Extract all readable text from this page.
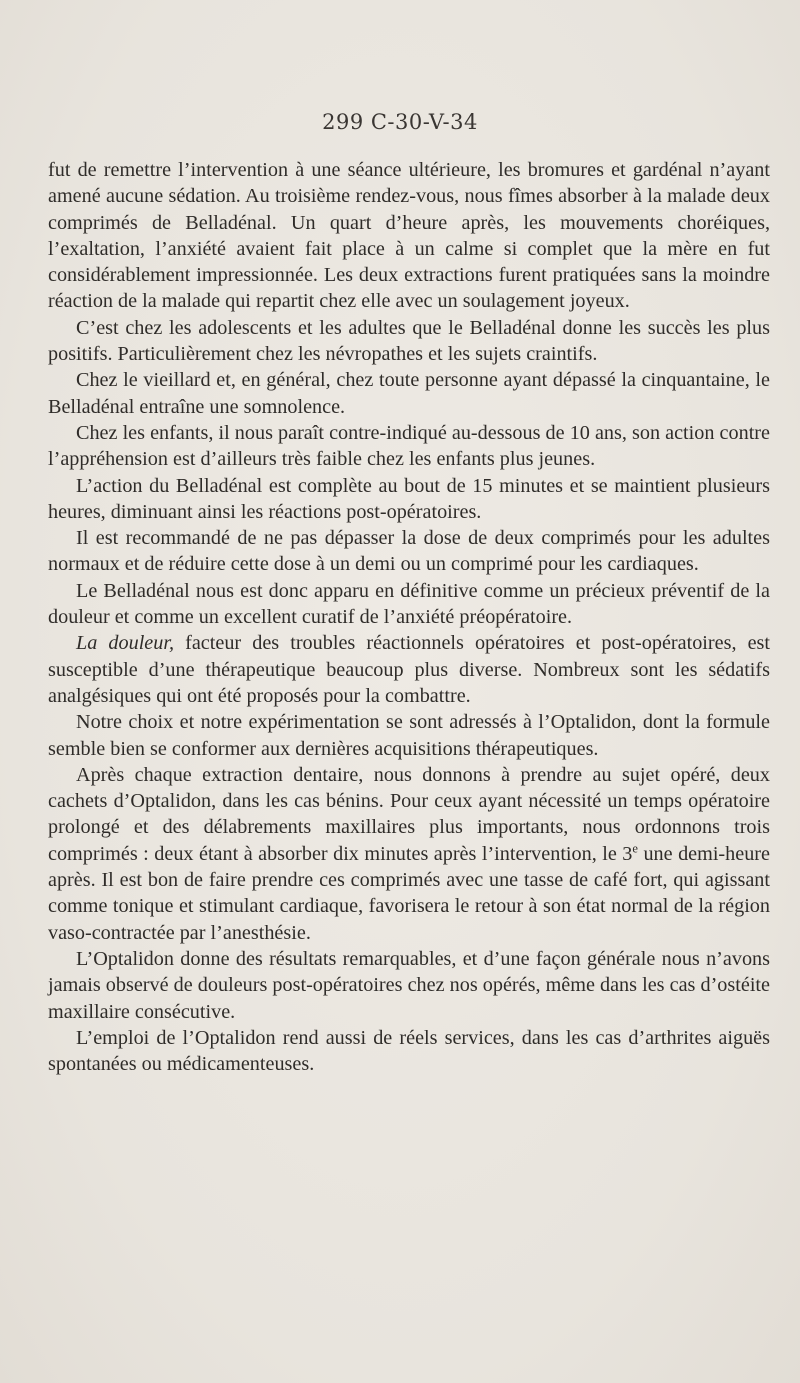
299 C-30-V-34

fut de remettre l’intervention à une séance ultérieure, les bromures et gardénal n’ayant amené aucune sédation. Au troisième rendez-vous, nous fîmes absorber à la malade deux comprimés de Belladénal. Un quart d’heure après, les mouvements choréiques, l’exaltation, l’anxiété avaient fait place à un calme si complet que la mère en fut considérablement impressionnée. Les deux extractions furent pratiquées sans la moindre réaction de la malade qui repartit chez elle avec un soulagement joyeux.

C’est chez les adolescents et les adultes que le Belladénal donne les succès les plus positifs. Particulièrement chez les névropathes et les sujets craintifs.

Chez le vieillard et, en général, chez toute personne ayant dépassé la cinquantaine, le Belladénal entraîne une somnolence.

Chez les enfants, il nous paraît contre-indiqué au-dessous de 10 ans, son action contre l’appréhension est d’ailleurs très faible chez les enfants plus jeunes.

L’action du Belladénal est complète au bout de 15 minutes et se maintient plusieurs heures, diminuant ainsi les réactions post-opératoires.

Il est recommandé de ne pas dépasser la dose de deux comprimés pour les adultes normaux et de réduire cette dose à un demi ou un comprimé pour les cardiaques.

Le Belladénal nous est donc apparu en définitive comme un précieux préventif de la douleur et comme un excellent curatif de l’anxiété préopératoire.

La douleur, facteur des troubles réactionnels opératoires et post-opératoires, est susceptible d’une thérapeutique beaucoup plus diverse. Nombreux sont les sédatifs analgésiques qui ont été proposés pour la combattre.

Notre choix et notre expérimentation se sont adressés à l’Optalidon, dont la formule semble bien se conformer aux dernières acquisitions thérapeutiques.

Après chaque extraction dentaire, nous donnons à prendre au sujet opéré, deux cachets d’Optalidon, dans les cas bénins. Pour ceux ayant nécessité un temps opératoire prolongé et des délabrements maxillaires plus importants, nous ordonnons trois comprimés : deux étant à absorber dix minutes après l’intervention, le 3e une demi-heure après. Il est bon de faire prendre ces comprimés avec une tasse de café fort, qui agissant comme tonique et stimulant cardiaque, favorisera le retour à son état normal de la région vaso-contractée par l’anesthésie.

L’Optalidon donne des résultats remarquables, et d’une façon générale nous n’avons jamais observé de douleurs post-opératoires chez nos opérés, même dans les cas d’ostéite maxillaire consécutive.

L’emploi de l’Optalidon rend aussi de réels services, dans les cas d’arthrites aiguës spontanées ou médicamenteuses.
